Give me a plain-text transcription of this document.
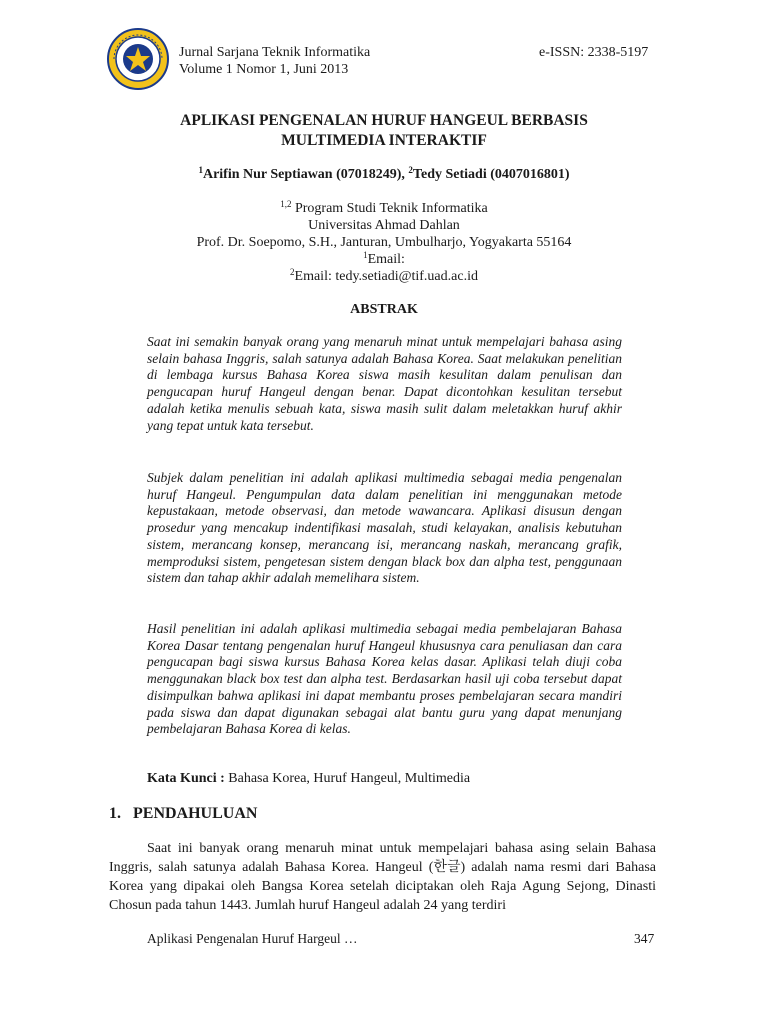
Jurnal Sarjana Teknik Informatika
Volume 1 Nomor 1, Juni 2013
e-ISSN: 2338-5197
APLIKASI PENGENALAN HURUF HANGEUL BERBASIS
MULTIMEDIA INTERAKTIF
$^1$Arifin Nur Septiawan (07018249), $^2$Tedy Setiadi (0407016801)
$^{1,2}$ Program Studi Teknik Informatika
Universitas Ahmad Dahlan
Prof. Dr. Soepomo, S.H., Janturan, Umbulharjo, Yogyakarta 55164
$^1$Email:
$^2$Email: tedy.setiadi@tif.uad.ac.id
ABSTRAK

Saat ini semakin banyak orang yang menaruh minat untuk mempelajari bahasa asing selain bahasa Inggris, salah satunya adalah Bahasa Korea. Saat melakukan penelitian di lembaga kursus Bahasa Korea siswa masih kesulitan dalam penulisan dan pengucapan huruf Hangeul dengan benar. Dapat dicontohkan kesulitan tersebut adalah ketika menulis sebuah kata, siswa masih sulit dalam meletakkan huruf akhir yang tepat untuk kata tersebut.

Subjek dalam penelitian ini adalah aplikasi multimedia sebagai media pengenalan huruf Hangeul. Pengumpulan data dalam penelitian ini menggunakan metode kepustakaan, metode observasi, dan metode wawancara. Aplikasi disusun dengan prosedur yang mencakup indentifikasi masalah, studi kelayakan, analisis kebutuhan sistem, merancang konsep, merancang isi, merancang naskah, merancang grafik, memproduksi sistem, pengetesan sistem dengan black box dan alpha test, penggunaan sistem dan tahap akhir adalah memelihara sistem.

Hasil penelitian ini adalah aplikasi multimedia sebagai media pembelajaran Bahasa Korea Dasar tentang pengenalan huruf Hangeul khususnya cara penuliasan dan cara pengucapan bagi siswa kursus Bahasa Korea kelas dasar. Aplikasi telah diuji coba menggunakan black box test dan alpha test. Berdasarkan hasil uji coba tersebut dapat disimpulkan bahwa aplikasi ini dapat membantu proses pembelajaran secara mandiri pada siswa dan dapat digunakan sebagai alat bantu guru yang dapat menunjang pembelajaran Bahasa Korea di kelas.

Kata Kunci : Bahasa Korea, Huruf Hangeul, Multimedia
1.   PENDAHULUAN

Saat ini banyak orang menaruh minat untuk mempelajari bahasa asing selain Bahasa Inggris, salah satunya adalah Bahasa Korea. Hangeul (한글) adalah nama resmi dari Bahasa Korea yang dipakai oleh Bangsa Korea setelah diciptakan oleh Raja Agung Sejong, Dinasti Chosun pada tahun 1443. Jumlah huruf Hangeul adalah 24 yang terdiri

Aplikasi Pengenalan Huruf Hargeul …	347
